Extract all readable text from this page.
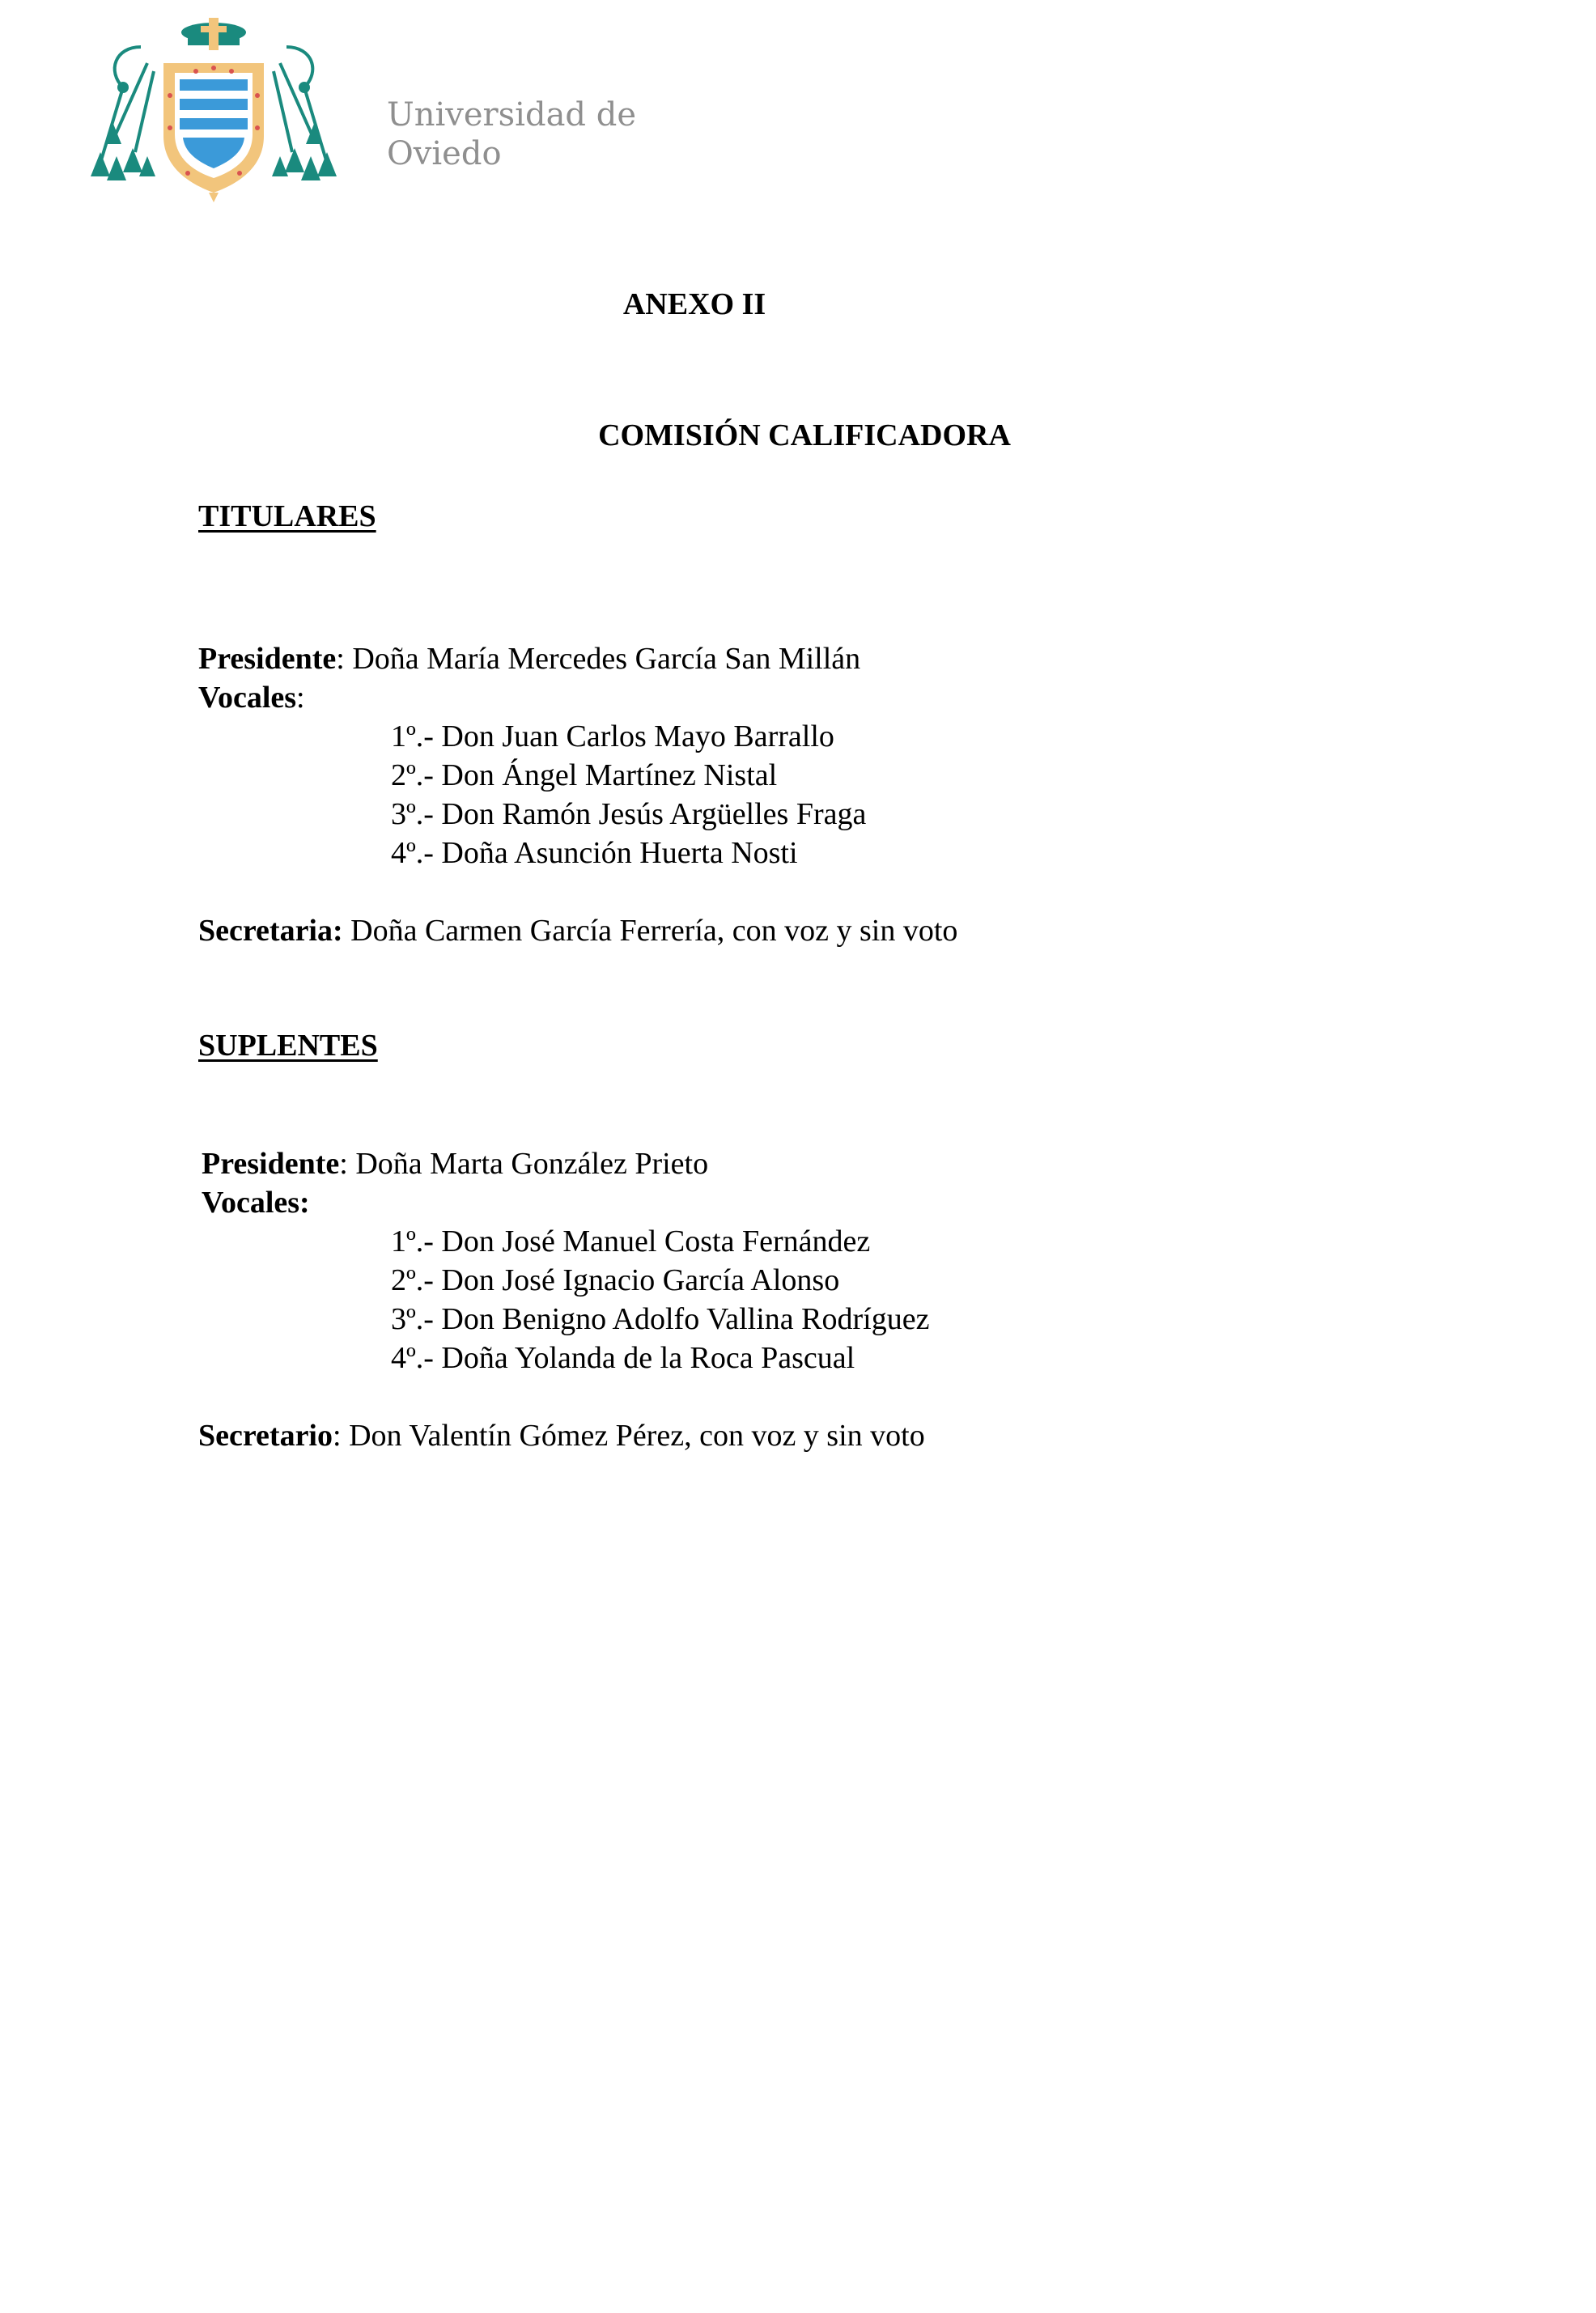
Universidad de
Oviedo
ANEXO II
COMISIÓN CALIFICADORA
TITULARES
Presidente: Doña María Mercedes García San Millán
Vocales:
1º.- Don Juan Carlos Mayo Barrallo
2º.- Don Ángel Martínez Nistal
3º.- Don Ramón Jesús Argüelles Fraga
4º.- Doña Asunción Huerta Nosti
Secretaria: Doña Carmen García Ferrería, con voz y sin voto
SUPLENTES
Presidente: Doña Marta González Prieto
Vocales:
1º.- Don José Manuel Costa Fernández
2º.- Don José Ignacio García Alonso
3º.- Don Benigno Adolfo Vallina Rodríguez
4º.- Doña Yolanda de la Roca Pascual
Secretario: Don Valentín Gómez Pérez, con voz y sin voto
